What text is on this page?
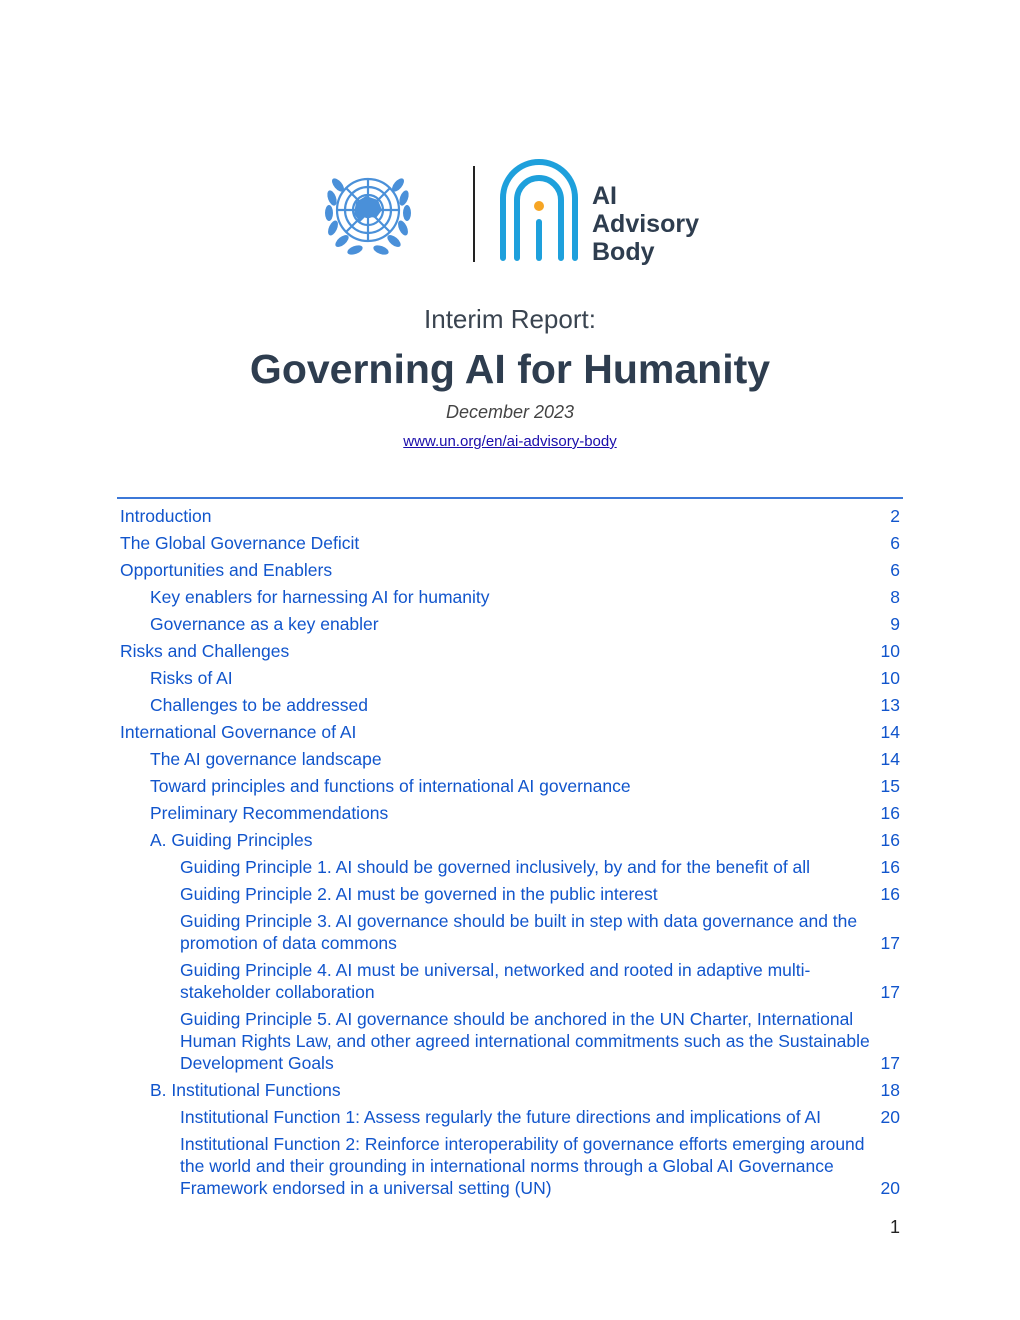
AI
Advisory
Body
Interim Report:
Governing AI for Humanity
December 2023
www.un.org/en/ai-advisory-body
Introduction	2
The Global Governance Deficit	6
Opportunities and Enablers	6
Key enablers for harnessing AI for humanity	8
Governance as a key enabler	9
Risks and Challenges	10
Risks of AI	10
Challenges to be addressed	13
International Governance of AI	14
The AI governance landscape	14
Toward principles and functions of international AI governance	15
Preliminary Recommendations	16
A. Guiding Principles	16
Guiding Principle 1. AI should be governed inclusively, by and for the benefit of all	16
Guiding Principle 2. AI must be governed in the public interest	16
Guiding Principle 3. AI governance should be built in step with data governance and the promotion of data commons	17
Guiding Principle 4. AI must be universal, networked and rooted in adaptive multi-stakeholder collaboration	17
Guiding Principle 5. AI governance should be anchored in the UN Charter, International Human Rights Law, and other agreed international commitments such as the Sustainable Development Goals	17
B. Institutional Functions	18
Institutional Function 1: Assess regularly the future directions and implications of AI	20
Institutional Function 2: Reinforce interoperability of governance efforts emerging around the world and their grounding in international norms through a Global AI Governance Framework endorsed in a universal setting (UN)	20
1
